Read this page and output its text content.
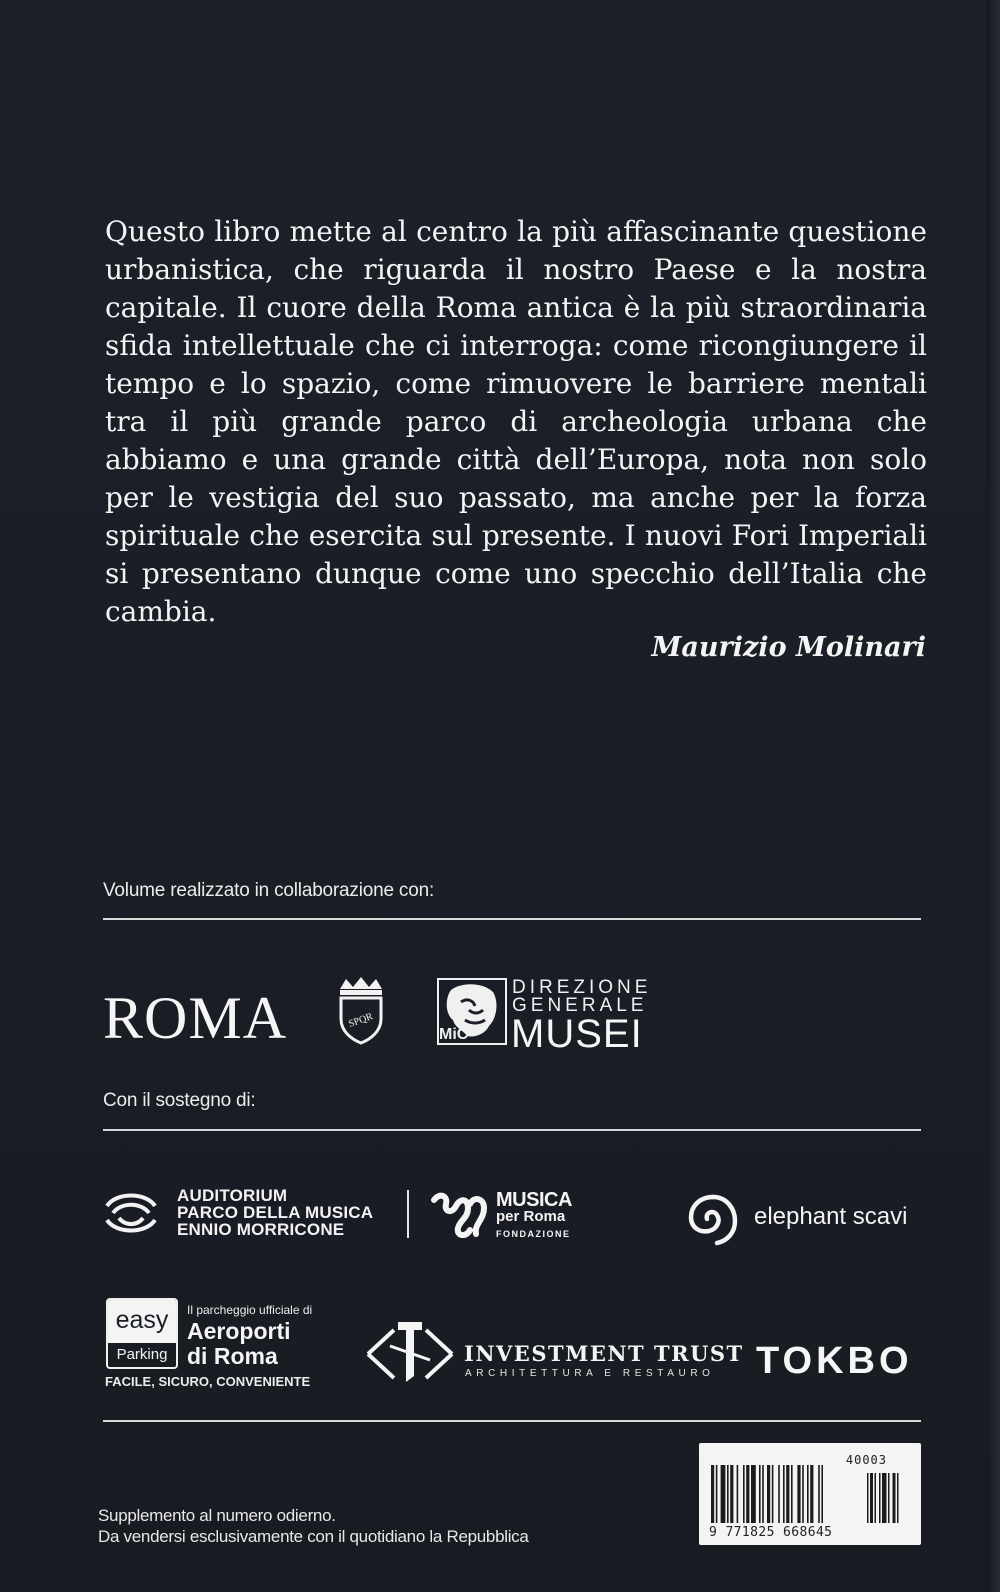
Questo libro mette al centro la più affascinante questione urbanistica, che riguarda il nostro Paese e la nostra capitale. Il cuore della Roma antica è la più straordinaria sfida intellettuale che ci interroga: come ricongiungere il tempo e lo spazio, come rimuovere le barriere mentali tra il più grande parco di archeologia urbana che abbiamo e una grande città dell’Europa, nota non solo per le vestigia del suo passato, ma anche per la forza spirituale che esercita sul presente. I nuovi Fori Imperiali si presentano dunque come uno specchio dell’Italia che cambia.

Maurizio Molinari
Volume realizzato in collaborazione con:
ROMA	SPQR
MiC
DIREZIONE
GENERALE
MUSEI
Con il sostegno di:
AUDITORIUM
PARCO DELLA MUSICA
ENNIO MORRICONE
MUSICA
per Roma
FONDAZIONE
elephant scavi
easy
Parking
Il parcheggio ufficiale di
Aeroporti
di Roma
FACILE, SICURO, CONVENIENTE
INVESTMENT TRUST
ARCHITETTURA E RESTAURO TOKBO
40003
9 771825 668645
Supplemento al numero odierno.
Da vendersi esclusivamente con il quotidiano la Repubblica
